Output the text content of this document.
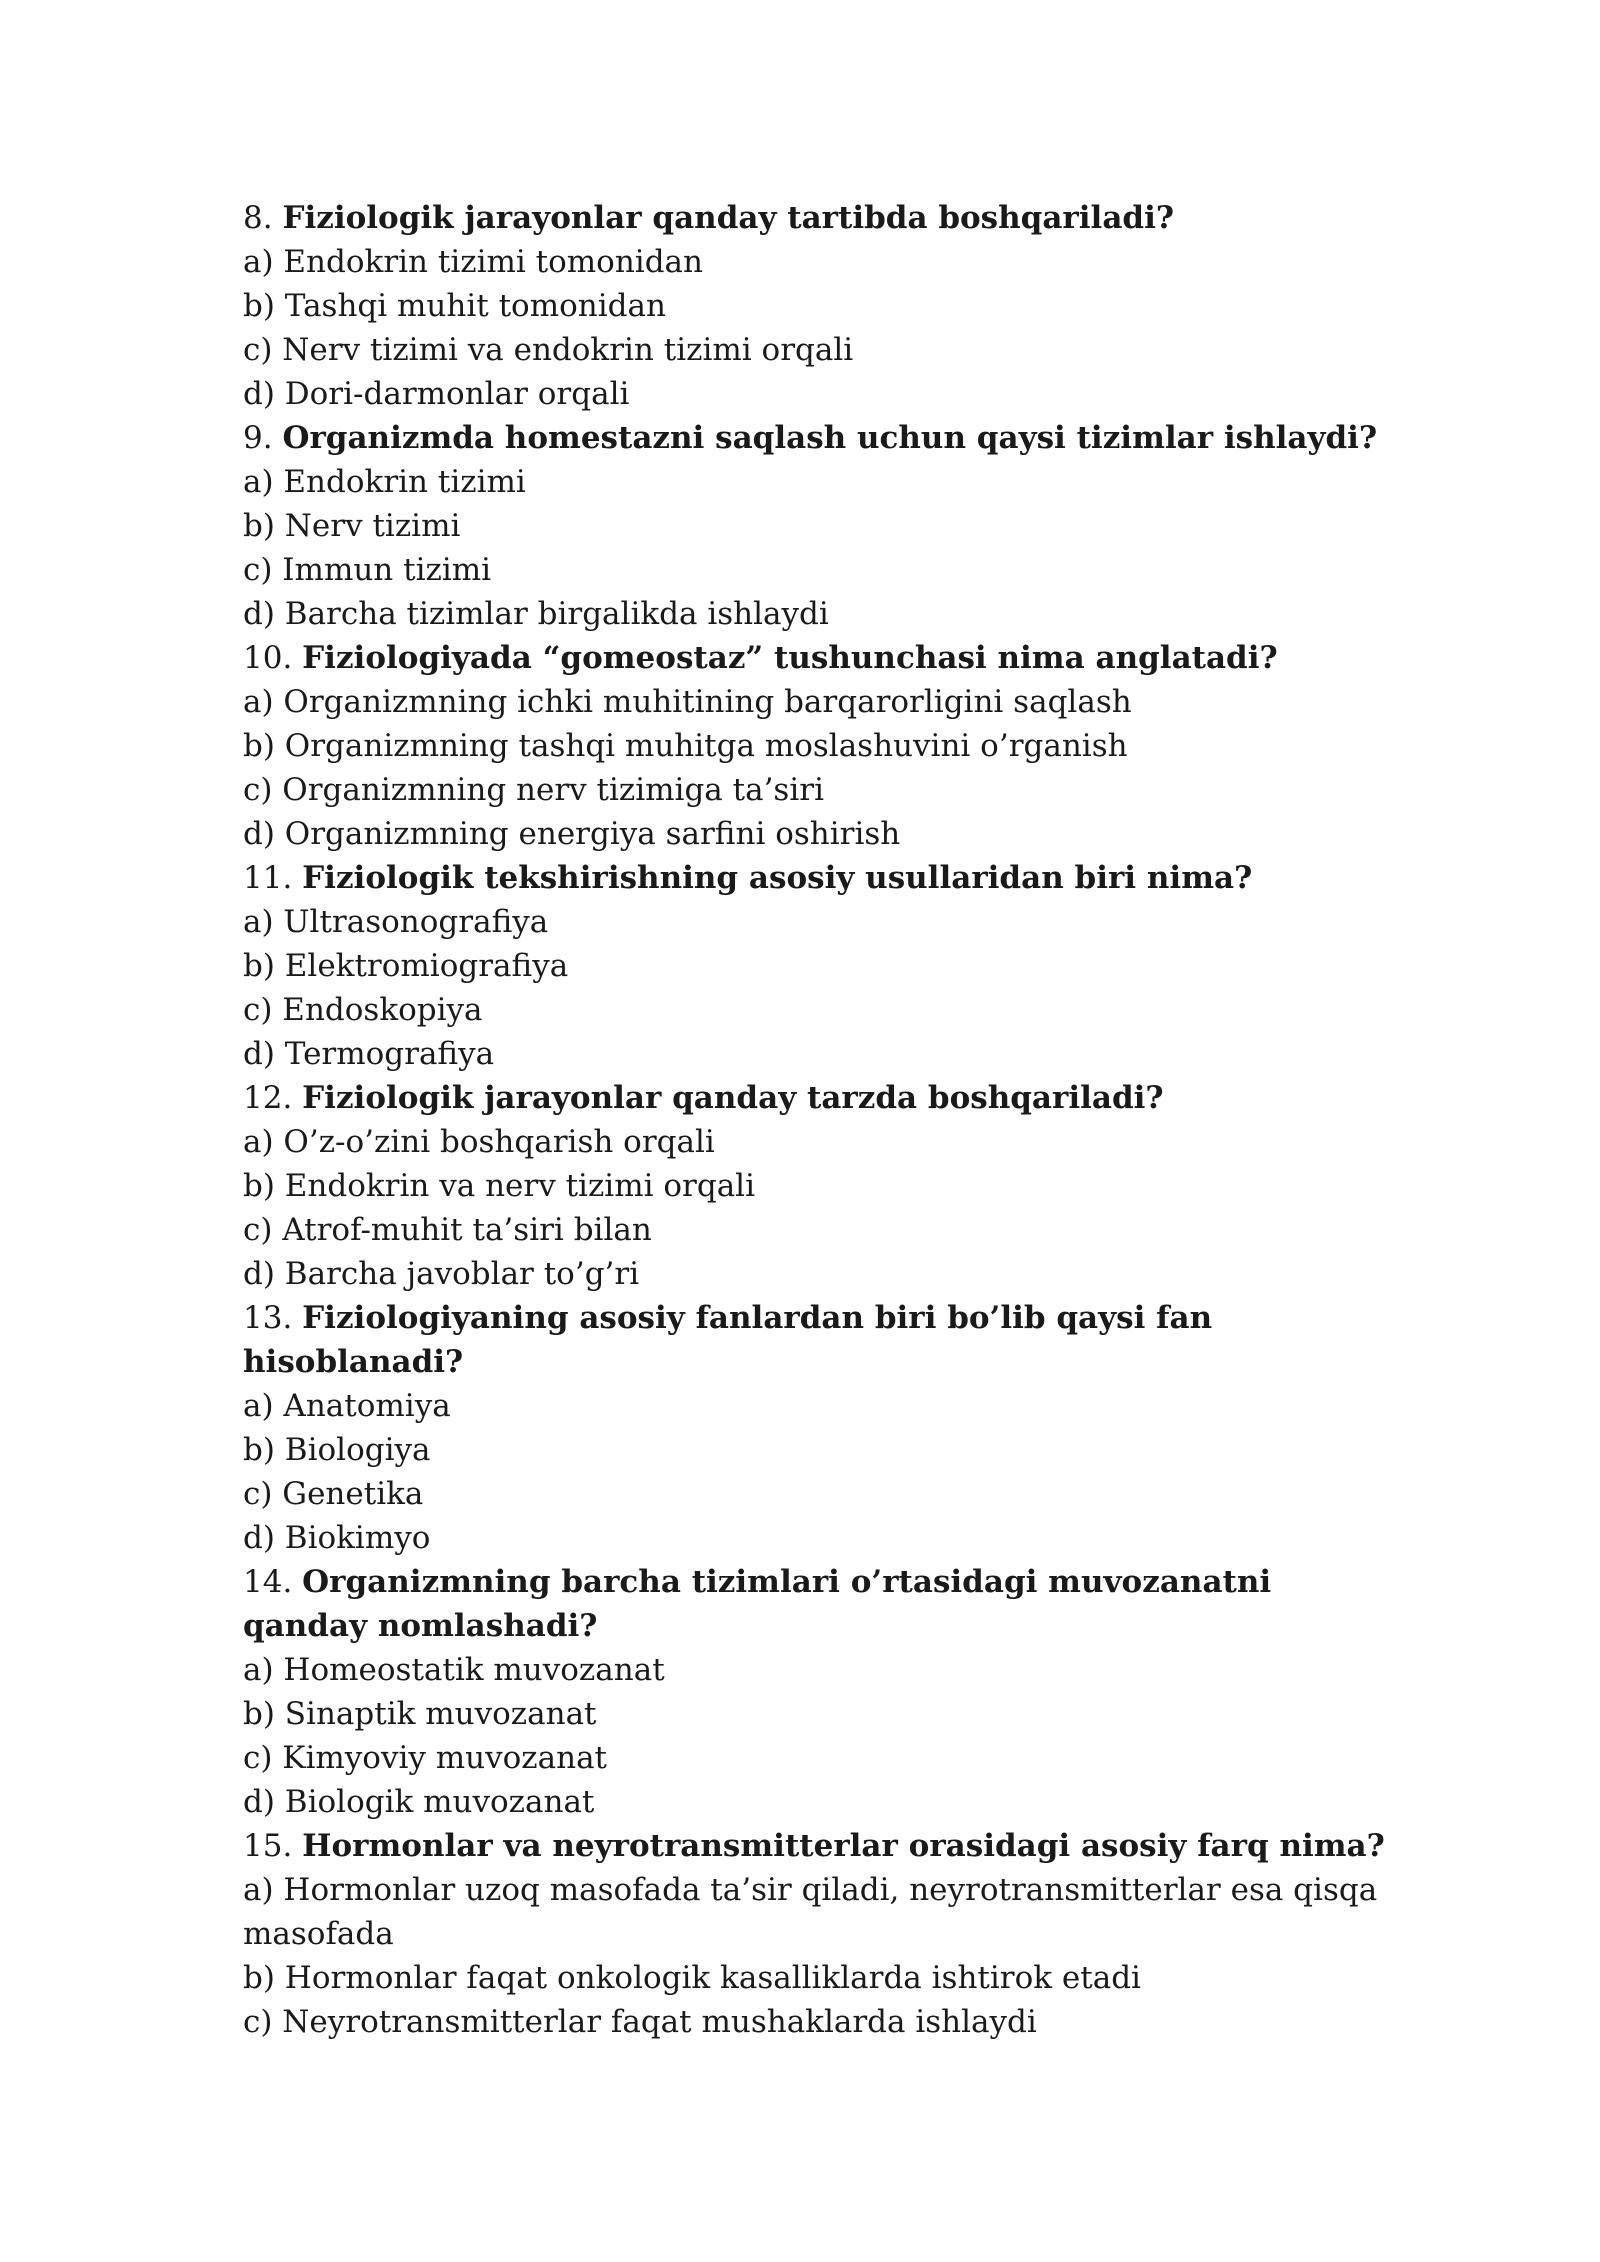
8. Fiziologik jarayonlar qanday tartibda boshqariladi?

a) Endokrin tizimi tomonidan

b) Tashqi muhit tomonidan

c) Nerv tizimi va endokrin tizimi orqali

d) Dori-darmonlar orqali

9. Organizmda homestazni saqlash uchun qaysi tizimlar ishlaydi?

a) Endokrin tizimi

b) Nerv tizimi

c) Immun tizimi

d) Barcha tizimlar birgalikda ishlaydi

10. Fiziologiyada “gomeostaz” tushunchasi nima anglatadi?

a) Organizmning ichki muhitining barqarorligini saqlash

b) Organizmning tashqi muhitga moslashuvini o’rganish

c) Organizmning nerv tizimiga ta’siri

d) Organizmning energiya sarfini oshirish

11. Fiziologik tekshirishning asosiy usullaridan biri nima?

a) Ultrasonografiya

b) Elektromiografiya

c) Endoskopiya

d) Termografiya

12. Fiziologik jarayonlar qanday tarzda boshqariladi?

a) O’z-o’zini boshqarish orqali

b) Endokrin va nerv tizimi orqali

c) Atrof-muhit ta’siri bilan

d) Barcha javoblar to’g’ri

13. Fiziologiyaning asosiy fanlardan biri bo’lib qaysi fan hisoblanadi?

a) Anatomiya

b) Biologiya

c) Genetika

d) Biokimyo

14. Organizmning barcha tizimlari o’rtasidagi muvozanatni qanday nomlashadi?

a) Homeostatik muvozanat

b) Sinaptik muvozanat

c) Kimyoviy muvozanat

d) Biologik muvozanat

15. Hormonlar va neyrotransmitterlar orasidagi asosiy farq nima?

a) Hormonlar uzoq masofada ta’sir qiladi, neyrotransmitterlar esa qisqa masofada

b) Hormonlar faqat onkologik kasalliklarda ishtirok etadi

c) Neyrotransmitterlar faqat mushaklarda ishlaydi
